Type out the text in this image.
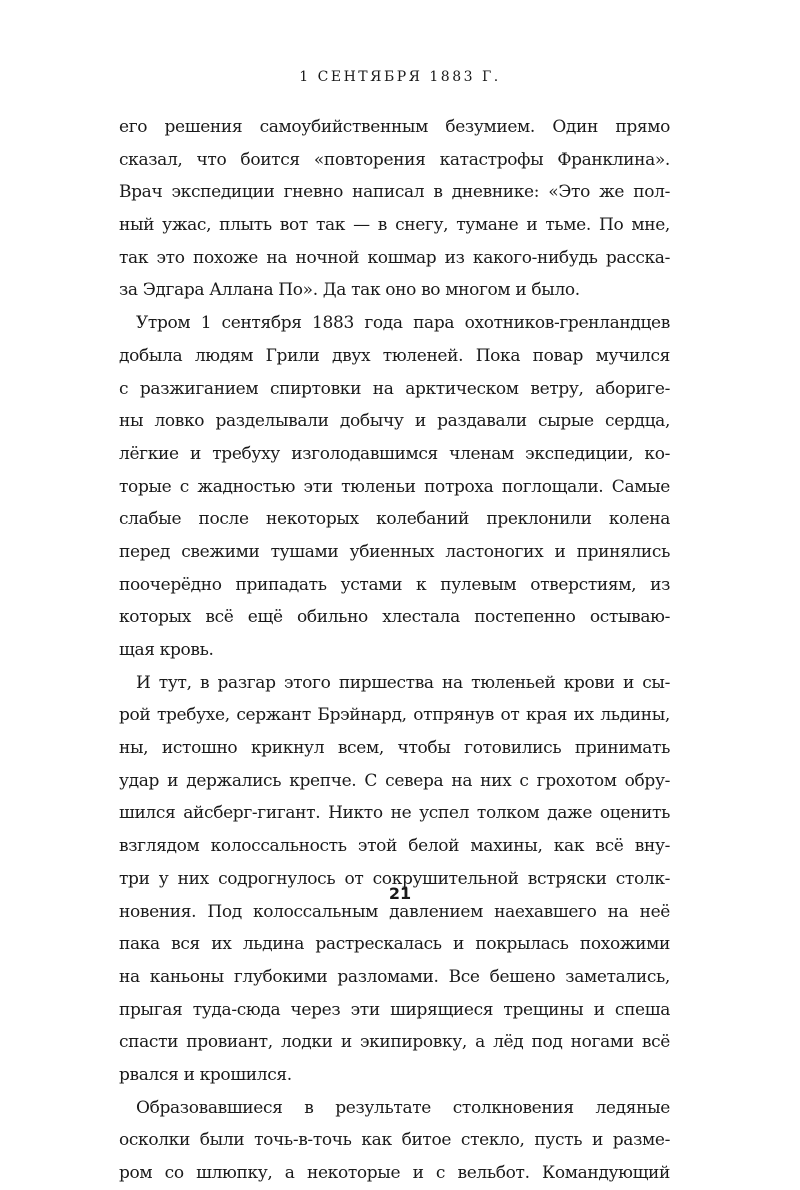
1 СЕНТЯБРЯ 1883 Г.
его решения самоубийственным безумием. Один прямо
сказал, что боится «повторения катастрофы Франклина».
Врач экспедиции гневно написал в дневнике: «Это же пол-
ный ужас, плыть вот так — в снегу, тумане и тьме. По мне,
так это похоже на ночной кошмар из какого-нибудь расска-
за Эдгара Аллана По». Да так оно во многом и было.
Утром 1 сентября 1883 года пара охотников-гренландцев
добыла людям Грили двух тюленей. Пока повар мучился
с разжиганием спиртовки на арктическом ветру, абориге-
ны ловко разделывали добычу и раздавали сырые сердца,
лёгкие и требуху изголодавшимся членам экспедиции, ко-
торые с жадностью эти тюленьи потроха поглощали. Самые
слабые после некоторых колебаний преклонили колена
перед свежими тушами убиенных ластоногих и принялись
поочерёдно припадать устами к пулевым отверстиям, из
которых всё ещё обильно хлестала постепенно остываю-
щая кровь.
И тут, в разгар этого пиршества на тюленьей крови и сы-
рой требухе, сержант Брэйнард, отпрянув от края их льдины,
ны, истошно крикнул всем, чтобы готовились принимать
удар и держались крепче. С севера на них с грохотом обру-
шился айсберг-гигант. Никто не успел толком даже оценить
взглядом колоссальность этой белой махины, как всё вну-
три у них содрогнулось от сокрушительной встряски столк-
новения. Под колоссальным давлением наехавшего на неё
пака вся их льдина растрескалась и покрылась похожими
на каньоны глубокими разломами. Все бешено заметались,
прыгая туда-сюда через эти ширящиеся трещины и спеша
спасти провиант, лодки и экипировку, а лёд под ногами всё
рвался и крошился.
Образовавшиеся в результате столкновения ледяные
осколки были точь-в-точь как битое стекло, пусть и разме-
ром со шлюпку, а некоторые и с вельбот. Командующий
21
